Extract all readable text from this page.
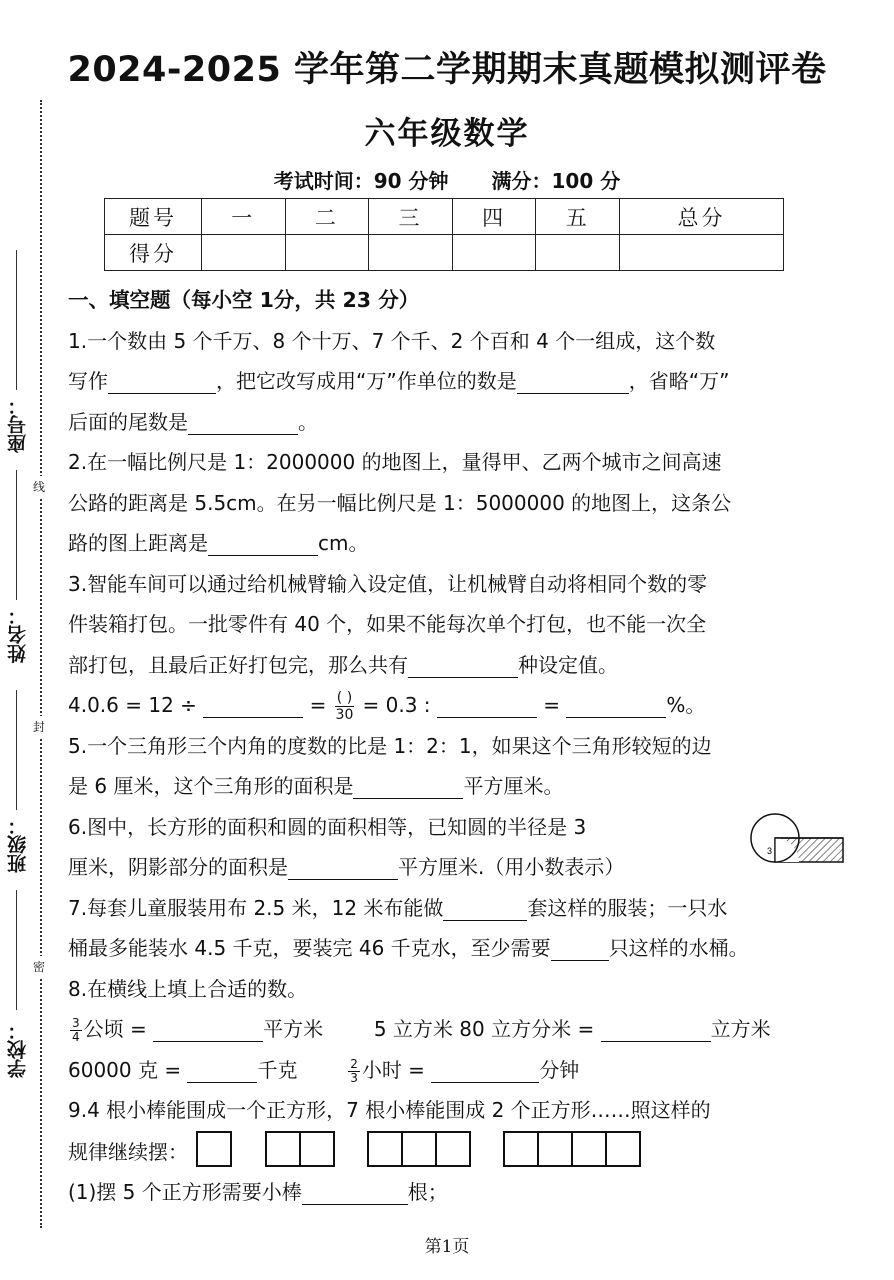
线
封
密
座号：
姓名：
班级：
学校：
2024-2025 学年第二学期期末真题模拟测评卷
六年级数学
考试时间：90 分钟 满分：100 分
题号	一	二	三	四	五	总分
得分						
一、填空题（每小空 1分，共 23 分）
1.一个数由 5 个千万、8 个十万、7 个千、2 个百和 4 个一组成，这个数
写作	，把它改写成用“万”作单位的数是	，省略“万”
后面的尾数是	。
2.在一幅比例尺是 1：2000000 的地图上，量得甲、乙两个城市之间高速
公路的距离是 5.5cm。在另一幅比例尺是 1：5000000 的地图上，这条公
路的图上距离是	cm。
3.智能车间可以通过给机械臂输入设定值，让机械臂自动将相同个数的零
件装箱打包。一批零件有 40 个，如果不能每次单个打包，也不能一次全
部打包，且最后正好打包完，那么共有	种设定值。
4.0.6 = 12 ÷	= $\frac{( )}{30} = 0.3$ :	=	%。
5.一个三角形三个内角的度数的比是 1：2：1，如果这个三角形较短的边
是 6 厘米，这个三角形的面积是	平方厘米。
6.图中，长方形的面积和圆的面积相等，已知圆的半径是 3
厘米，阴影部分的面积是	平方厘米.（用小数表示）
7.每套儿童服装用布 2.5 米，12 米布能做	套这样的服装；一只水
桶最多能装水 4.5 千克，要装完 46 千克水，至少需要	只这样的水桶。
8.在横线上填上合适的数。
$\frac{3}{4}$ 公顷 =	平方米	5 立方米 80 立方分米 =	立方米
60000 克 =	千克	$\frac{2}{3}$ 小时 =	分钟
9.4 根小棒能围成一个正方形，7 根小棒能围成 2 个正方形……照这样的
规律继续摆：

(1)摆 5 个正方形需要小棒	根；
3
第1页
